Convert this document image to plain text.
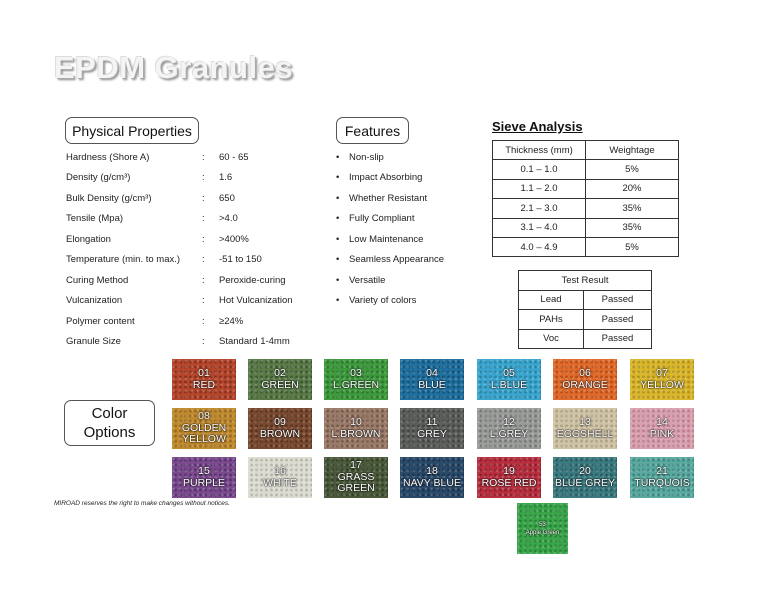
EPDM Granules
Physical Properties
Hardness (Shore A)	:	60 - 65
Density (g/cm³)	:	1.6
Bulk Density (g/cm³)	:	650
Tensile (Mpa)	:	>4.0
Elongation	:	>400%
Temperature (min. to max.)	:	-51 to 150
Curing Method	:	Peroxide-curing
Vulcanization	:	Hot Vulcanization
Polymer content	:	≥24%
Granule Size	:	Standard 1-4mm
Features
•	Non-slip
•	Impact Absorbing
•	Whether Resistant
•	Fully Compliant
•	Low Maintenance
•	Seamless Appearance
•	Versatile
•	Variety of colors
Sieve Analysis
Thickness (mm)	Weightage
0.1 – 1.0	5%
1.1 – 2.0	20%
2.1 – 3.0	35%
3.1 – 4.0	35%
4.0 – 4.9	5%
Test Result	
Lead	Passed
PAHs	Passed
Voc	Passed
Color
Options
01
RED
02
GREEN
03
L.GREEN
04
BLUE
05
L.BLUE
06
ORANGE
07
YELLOW
08
GOLDEN YELLOW
09
BROWN
10
L.BROWN
11
GREY
12
L.GREY
13
EGGSHELL
14
PINK
15
PURPLE
16
WHITE
17
GRASS GREEN
18
NAVY BLUE
19
ROSE RED
20
BLUE GREY
21
TURQUOIS
53
Apple Green
MIROAD reserves the right to make changes without notices.
